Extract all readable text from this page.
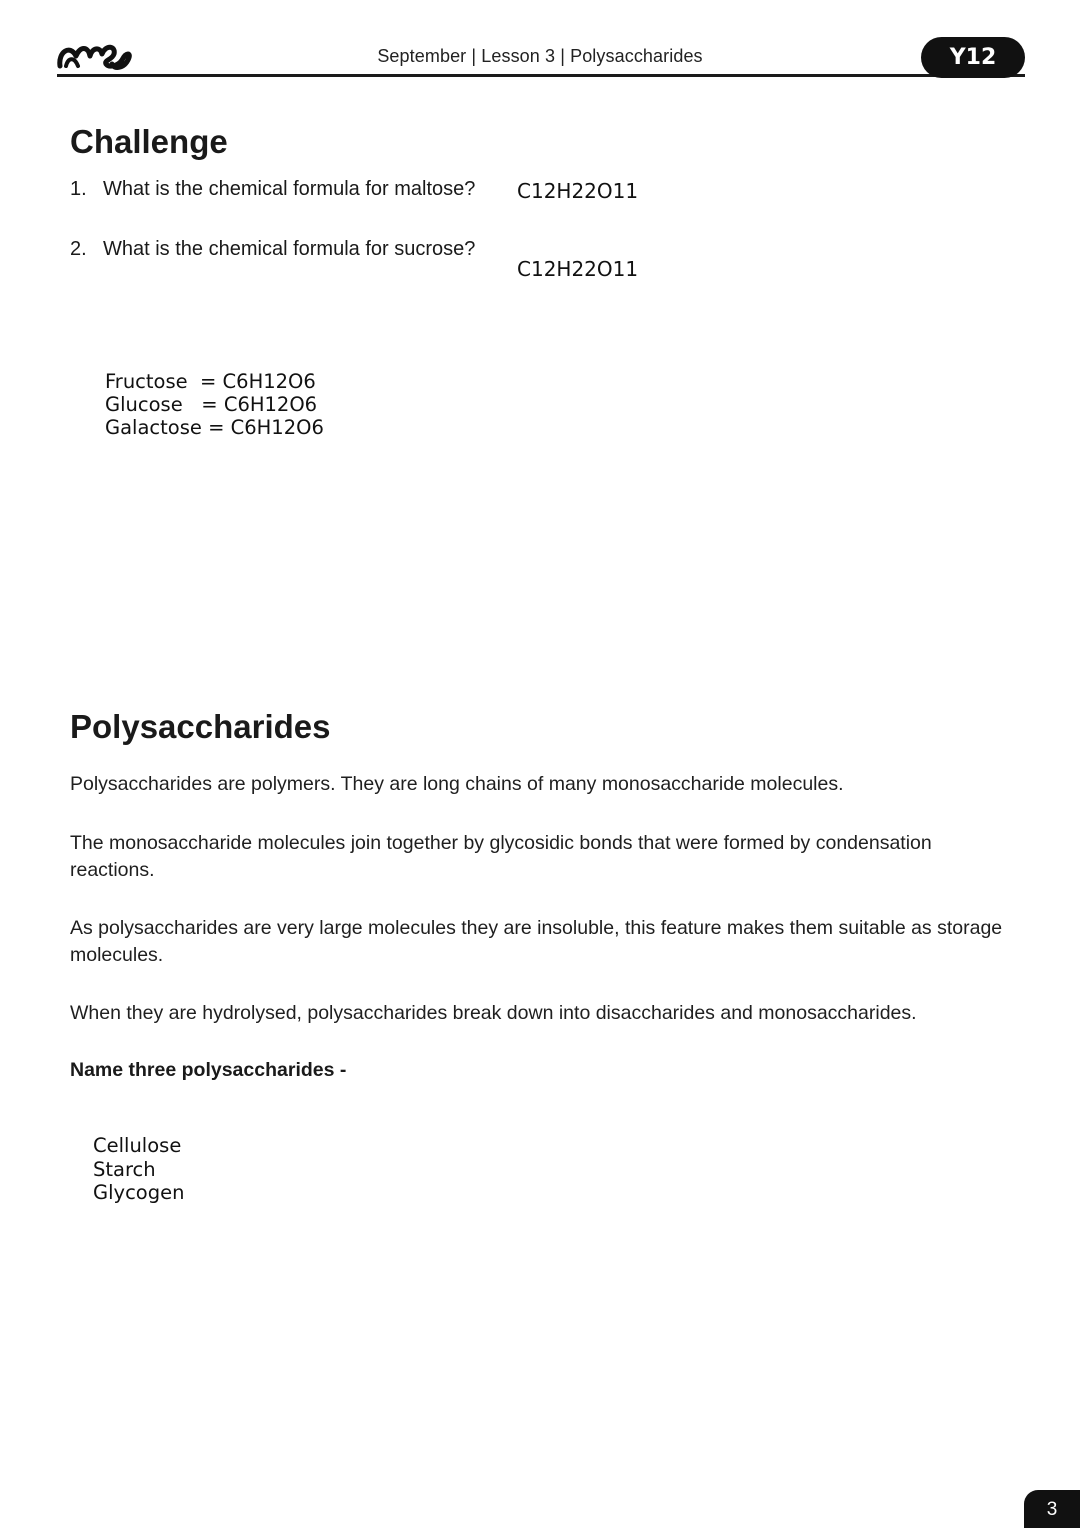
September | Lesson 3 | Polysaccharides	Y12
Challenge
1. What is the chemical formula for maltose? C12H22O11
2. What is the chemical formula for sucrose?
C12H22O11
Fructose  = C6H12O6
Glucose   = C6H12O6
Galactose = C6H12O6
Polysaccharides

Polysaccharides are polymers. They are long chains of many monosaccharide molecules.

The monosaccharide molecules join together by glycosidic bonds that were formed by condensation reactions.

As polysaccharides are very large molecules they are insoluble, this feature makes them suitable as storage molecules.

When they are hydrolysed, polysaccharides break down into disaccharides and monosaccharides.

Name three polysaccharides -
Cellulose
Starch
Glycogen
3
